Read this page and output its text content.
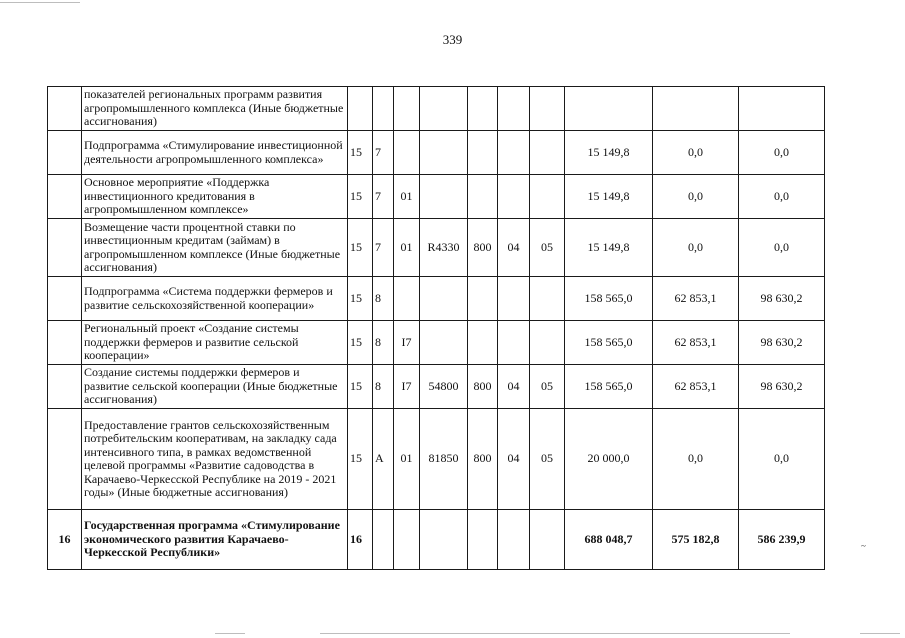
339
	показателей региональных программ развития агропромышленного комплекса (Иные бюджетные ассигнования)										
	Подпрограмма «Стимулирование инвестиционной деятельности агропромышленного комплекса»	15	7						15 149,8	0,0	0,0
	Основное мероприятие «Поддержка инвестиционного кредитования в агропромышленном комплексе»	15	7	01					15 149,8	0,0	0,0
	Возмещение части процентной ставки по инвестиционным кредитам (займам) в агропромышленном комплексе (Иные бюджетные ассигнования)	15	7	01	R4330	800	04	05	15 149,8	0,0	0,0
	Подпрограмма «Система поддержки фермеров и развитие сельскохозяйственной кооперации»	15	8						158 565,0	62 853,1	98 630,2
	Региональный проект «Создание системы поддержки фермеров и развитие сельской кооперации»	15	8	I7					158 565,0	62 853,1	98 630,2
	Создание системы поддержки фермеров и развитие сельской кооперации (Иные бюджетные ассигнования)	15	8	I7	54800	800	04	05	158 565,0	62 853,1	98 630,2
	Предоставление грантов сельскохозяйственным потребительским кооперативам, на закладку сада интенсивного типа, в рамках ведомственной целевой программы «Развитие садоводства в Карачаево-Черкесской Республике на 2019 - 2021 годы» (Иные бюджетные ассигнования)	15	А	01	81850	800	04	05	20 000,0	0,0	0,0
16	Государственная программа «Стимулирование экономического развития Карачаево-Черкесской Республики»	16							688 048,7	575 182,8	586 239,9
~
